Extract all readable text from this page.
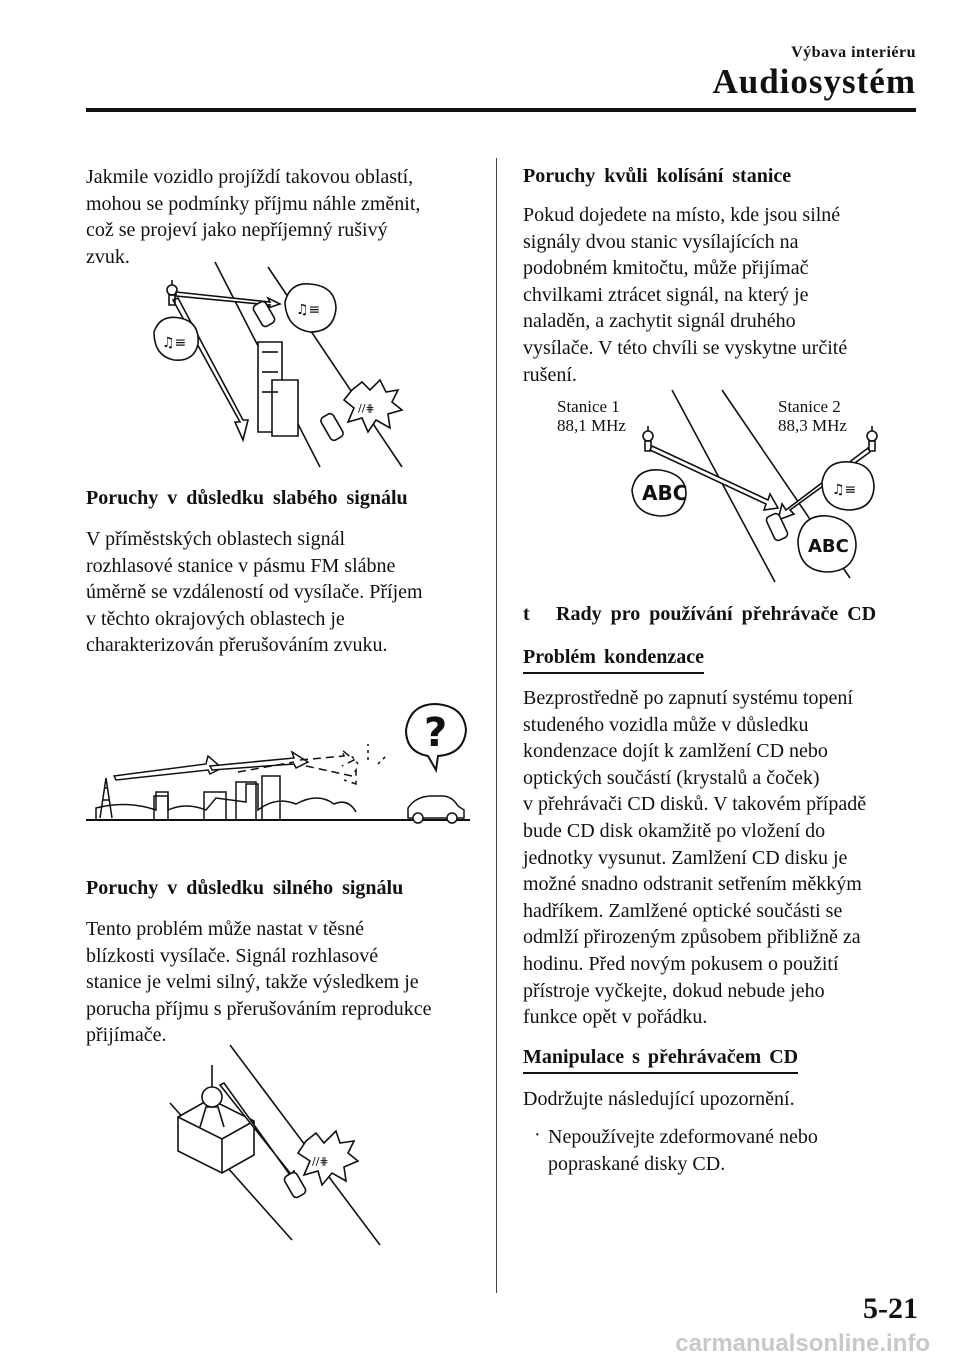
Výbava interiéru
Audiosystém
Jakmile vozidlo projíždí takovou oblastí,
mohou se podmínky příjmu náhle změnit,
což se projeví jako nepříjemný rušivý
zvuk.
♫≡
♫≡
//⋕
Poruchy v důsledku slabého signálu
V příměstských oblastech signál
rozhlasové stanice v pásmu FM slábne
úměrně se vzdáleností od vysílače. Příjem
v těchto okrajových oblastech je
charakterizován přerušováním zvuku.
?
Poruchy v důsledku silného signálu
Tento problém může nastat v těsné
blízkosti vysílače. Signál rozhlasové
stanice je velmi silný, takže výsledkem je
porucha příjmu s přerušováním reprodukce
přijímače.
//⋕
Poruchy kvůli kolísání stanice
Pokud dojedete na místo, kde jsou silné
signály dvou stanic vysílajících na
podobném kmitočtu, může přijímač
chvilkami ztrácet signál, na který je
naladěn, a zachytit signál druhého
vysílače. V této chvíli se vyskytne určité
rušení.
Stanice 1
88,1 MHz
Stanice 2
88,3 MHz
ABC	♫≡
ABC
t Rady pro používání přehrávače CD
Problém kondenzace
Bezprostředně po zapnutí systému topení
studeného vozidla může v důsledku
kondenzace dojít k zamlžení CD nebo
optických součástí (krystalů a čoček)
v přehrávači CD disků. V takovém případě
bude CD disk okamžitě po vložení do
jednotky vysunut. Zamlžení CD disku je
možné snadno odstranit setřením měkkým
hadříkem. Zamlžené optické součásti se
odmlží přirozeným způsobem přibližně za
hodinu. Před novým pokusem o použití
přístroje vyčkejte, dokud nebude jeho
funkce opět v pořádku.
Manipulace s přehrávačem CD
Dodržujte následující upozornění.
· Nepoužívejte zdeformované nebo
popraskané disky CD.
5-21
carmanualsonline.info
